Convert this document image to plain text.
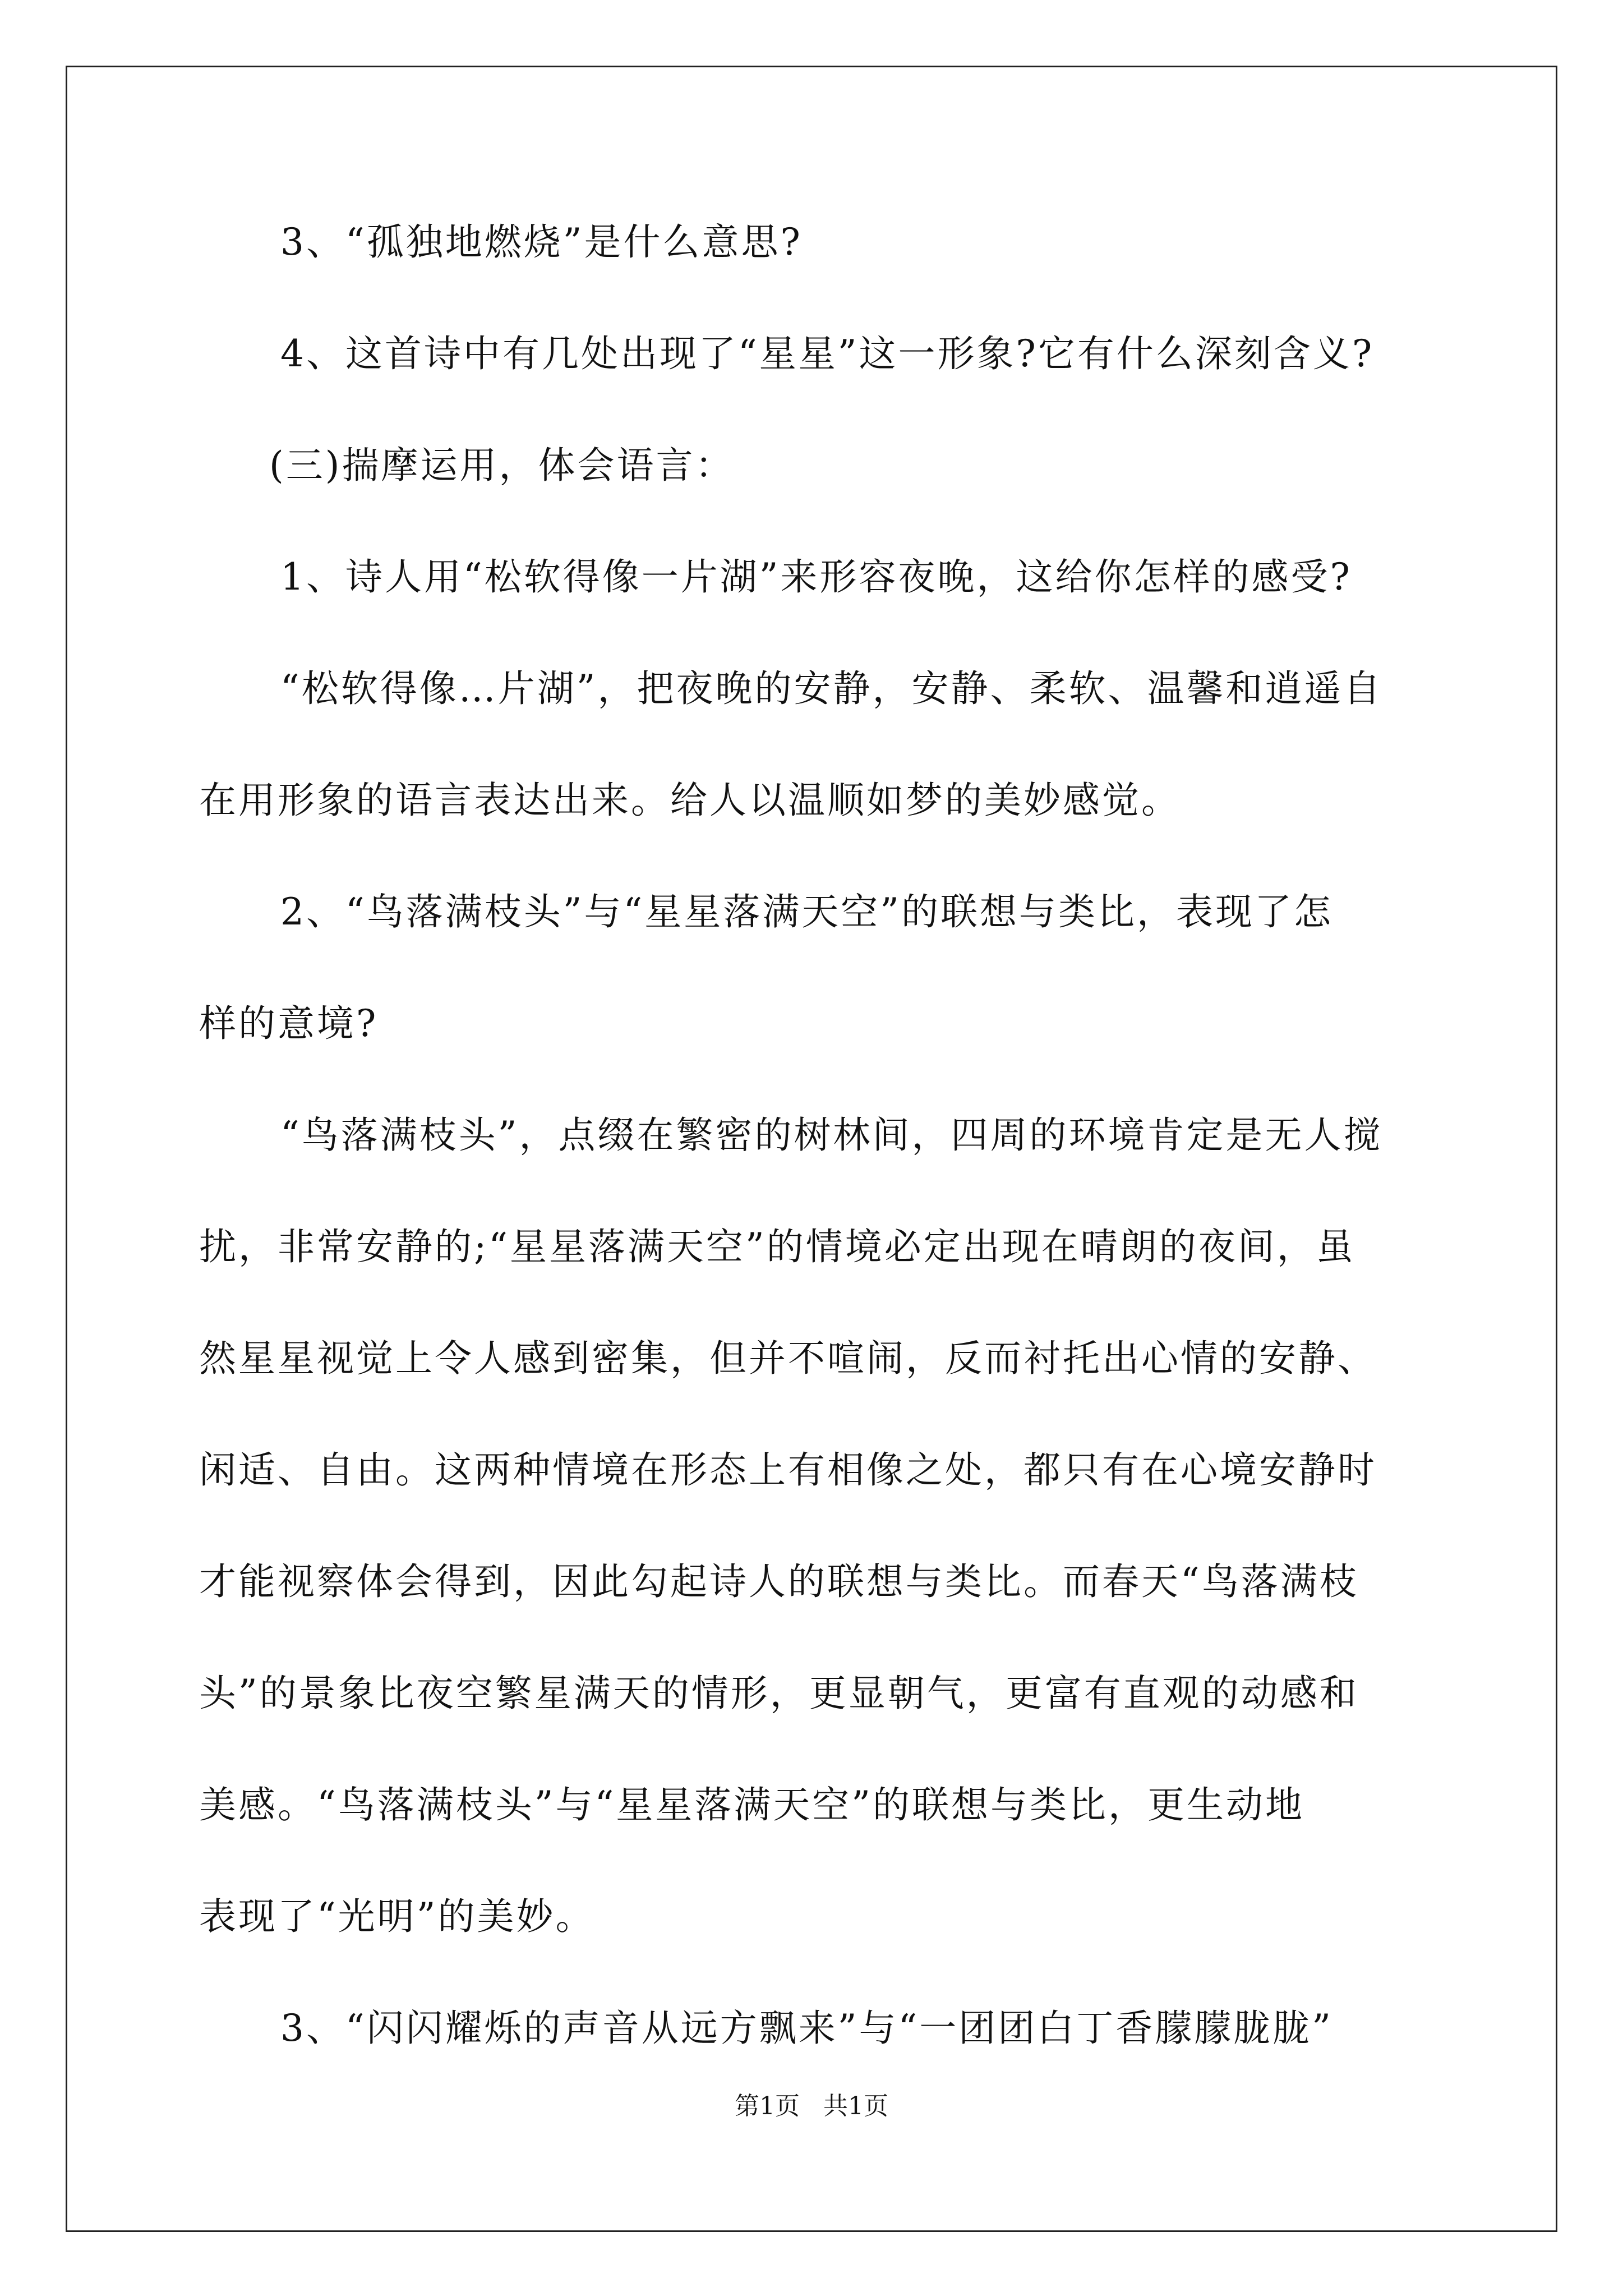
3、“孤独地燃烧”是什么意思?
4、这首诗中有几处出现了“星星”这一形象?它有什么深刻含义?
(三)揣摩运用，体会语言：
1、诗人用“松软得像一片湖”来形容夜晚，这给你怎样的感受?
“松软得像…片湖”，把夜晚的安静，安静、柔软、温馨和逍遥自
在用形象的语言表达出来。给人以温顺如梦的美妙感觉。
2、“鸟落满枝头”与“星星落满天空”的联想与类比，表现了怎
样的意境?
“鸟落满枝头”，点缀在繁密的树林间，四周的环境肯定是无人搅
扰，非常安静的;“星星落满天空”的情境必定出现在晴朗的夜间，虽
然星星视觉上令人感到密集，但并不喧闹，反而衬托出心情的安静、
闲适、自由。这两种情境在形态上有相像之处，都只有在心境安静时
才能视察体会得到，因此勾起诗人的联想与类比。而春天“鸟落满枝
头”的景象比夜空繁星满天的情形，更显朝气，更富有直观的动感和
美感。“鸟落满枝头”与“星星落满天空”的联想与类比，更生动地
表现了“光明”的美妙。
3、“闪闪耀烁的声音从远方飘来”与“一团团白丁香朦朦胧胧”
第1页 共1页
